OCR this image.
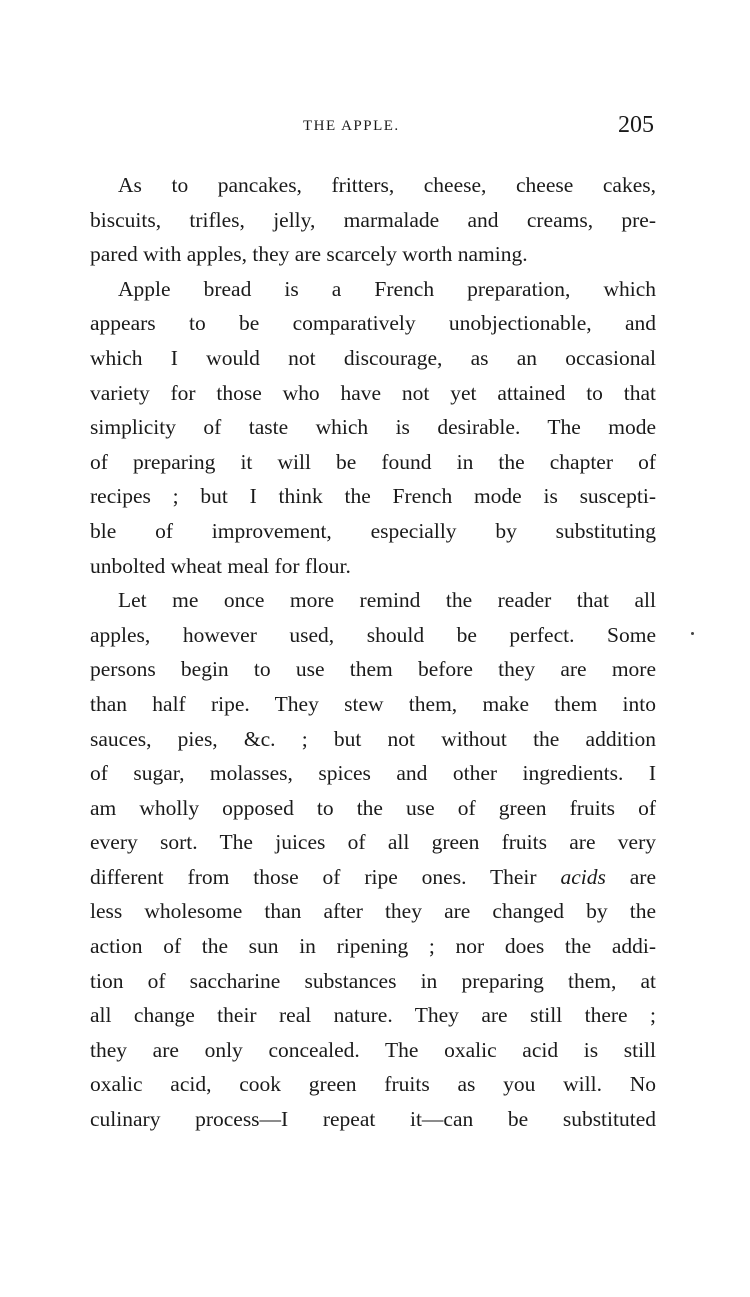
THE APPLE.	205
As to pancakes, fritters, cheese, cheese cakes,
biscuits, trifles, jelly, marmalade and creams, pre-
pared with apples, they are scarcely worth naming.
Apple bread is a French preparation, which
appears to be comparatively unobjectionable, and
which I would not discourage, as an occasional
variety for those who have not yet attained to that
simplicity of taste which is desirable. The mode
of preparing it will be found in the chapter of
recipes ; but I think the French mode is suscepti-
ble of improvement, especially by substituting
unbolted wheat meal for flour.
Let me once more remind the reader that all
apples, however used, should be perfect. Some
persons begin to use them before they are more
than half ripe. They stew them, make them into
sauces, pies, &c. ; but not without the addition
of sugar, molasses, spices and other ingredients. I
am wholly opposed to the use of green fruits of
every sort. The juices of all green fruits are very
different from those of ripe ones. Their acids are
less wholesome than after they are changed by the
action of the sun in ripening ; nor does the addi-
tion of saccharine substances in preparing them, at
all change their real nature. They are still there ;
they are only concealed. The oxalic acid is still
oxalic acid, cook green fruits as you will. No
culinary process—I repeat it—can be substituted
